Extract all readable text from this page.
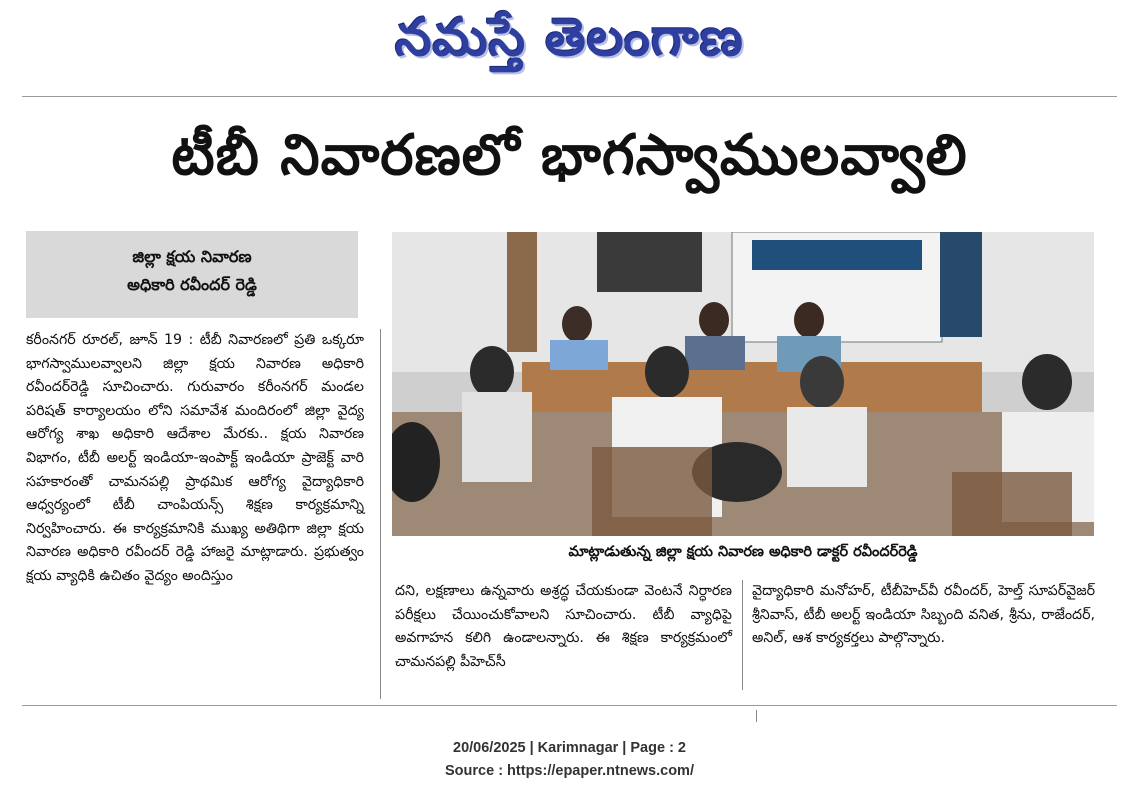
నమస్తే తెలంగాణ
టీబీ నివారణలో భాగస్వాములవ్వాలి
జిల్లా క్షయ నివారణ
అధికారి రవీందర్ రెడ్డి
కరీంనగర్ రూరల్, జూన్ 19 : టీబీ నివారణలో ప్రతి ఒక్కరూ భాగస్వాములవ్వాలని జిల్లా క్షయ నివారణ అధికారి రవీందర్‌రెడ్డి సూచించారు. గురువారం కరీంనగర్ మండల పరిషత్ కార్యాలయం లోని సమావేశ మందిరంలో జిల్లా వైద్య ఆరోగ్య శాఖ అధికారి ఆదేశాల మేరకు.. క్షయ నివారణ విభాగం, టీబీ అలర్ట్ ఇండియా-ఇంపాక్ట్ ఇండియా ప్రాజెక్ట్ వారి సహకారంతో చామనపల్లి ప్రాథమిక ఆరోగ్య వైద్యాధికారి ఆధ్వర్యంలో టీబీ చాంపియన్స్ శిక్షణ కార్యక్రమాన్ని నిర్వహించారు. ఈ కార్యక్రమానికి ముఖ్య అతిథిగా జిల్లా క్షయ నివారణ అధికారి రవీందర్ రెడ్డి హాజరై మాట్లాడారు. ప్రభుత్వం క్షయ వ్యాధికి ఉచితం వైద్యం అందిస్తుం
మాట్లాడుతున్న జిల్లా క్షయ నివారణ అధికారి డాక్టర్ రవీందర్‌రెడ్డి
దని, లక్షణాలు ఉన్నవారు అశ్రద్ధ చేయకుండా వెంటనే నిర్ధారణ పరీక్షలు చేయించుకోవాలని సూచించారు. టీబీ వ్యాధిపై అవగాహన కలిగి ఉండాలన్నారు. ఈ శిక్షణ కార్యక్రమంలో చామనపల్లి పీహెచ్‌సీ
వైద్యాధికారి మనోహర్, టీబీహెచ్‌వీ రవీందర్, హెల్త్ సూపర్‌వైజర్ శ్రీనివాస్, టీబీ అలర్ట్ ఇండియా సిబ్బంది వనిత, శ్రీను, రాజేందర్, అనిల్, ఆశ కార్యకర్తలు పాల్గొన్నారు.
20/06/2025 | Karimnagar | Page : 2
Source : https://epaper.ntnews.com/
